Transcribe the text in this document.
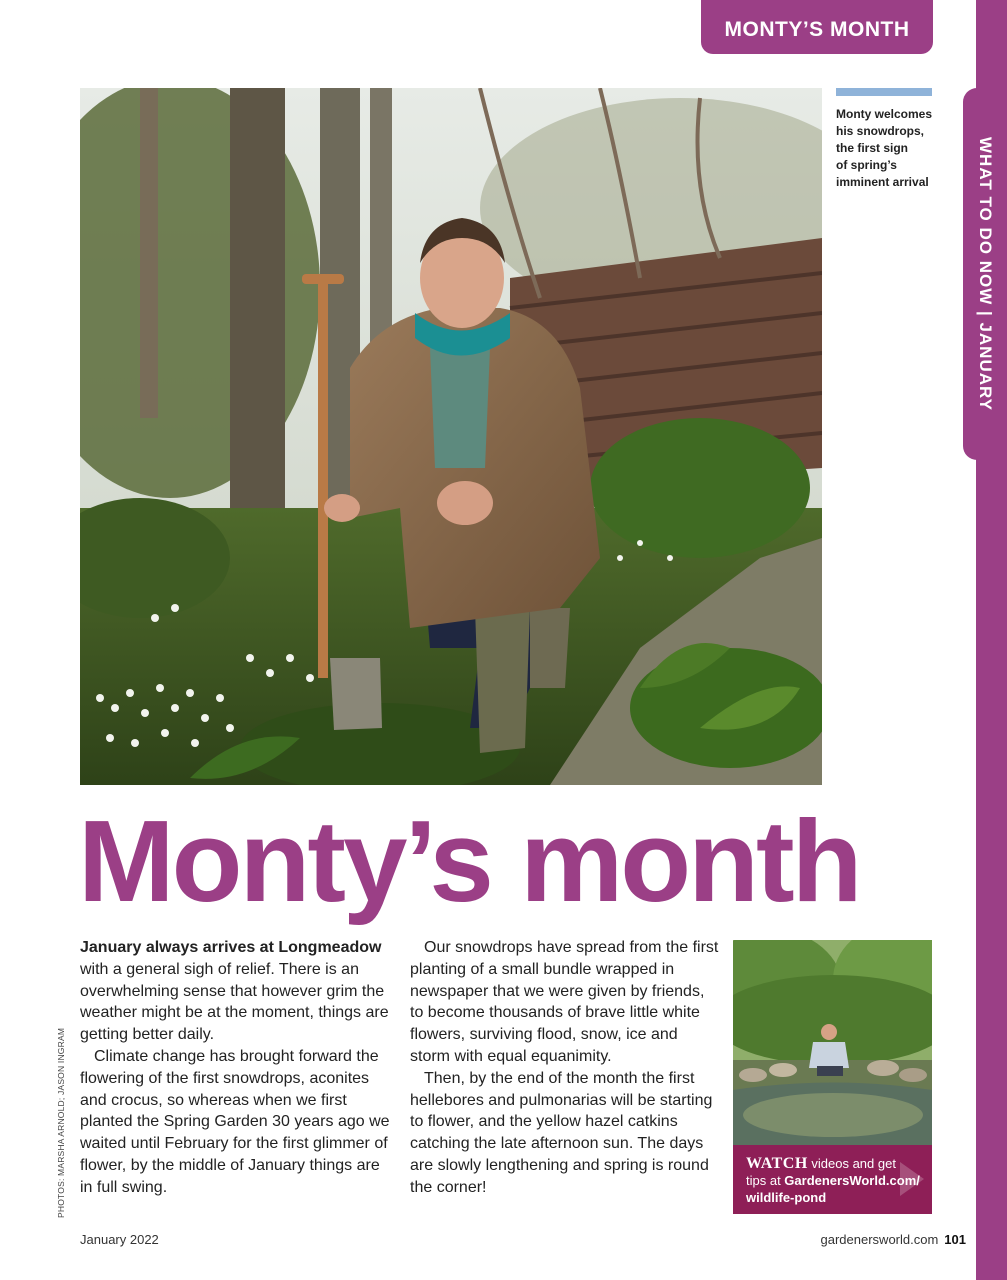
WHAT TO DO NOW | JANUARY
MONTY’S MONTH
Monty welcomes
his snowdrops,
the first sign
of spring’s
imminent arrival
Monty’s month

January always arrives at Longmeadow with a general sigh of relief. There is an overwhelming sense that however grim the weather might be at the moment, things are getting better daily.

Climate change has brought forward the flowering of the first snowdrops, aconites and crocus, so whereas when we first planted the Spring Garden 30 years ago we waited until February for the first glimmer of flower, by the middle of January things are in full swing.

Our snowdrops have spread from the first planting of a small bundle wrapped in newspaper that we were given by friends, to become thousands of brave little white flowers, surviving flood, snow, ice and storm with equal equanimity.

Then, by the end of the month the first hellebores and pulmonarias will be starting to flower, and the yellow hazel catkins catching the late afternoon sun. The days are slowly lengthening and spring is round the corner!

PHOTOS: MARSHA ARNOLD; JASON INGRAM	WATCH videos and get
tips at GardenersWorld.com/
wildlife-pond
January 2022	gardenersworld.com 101
